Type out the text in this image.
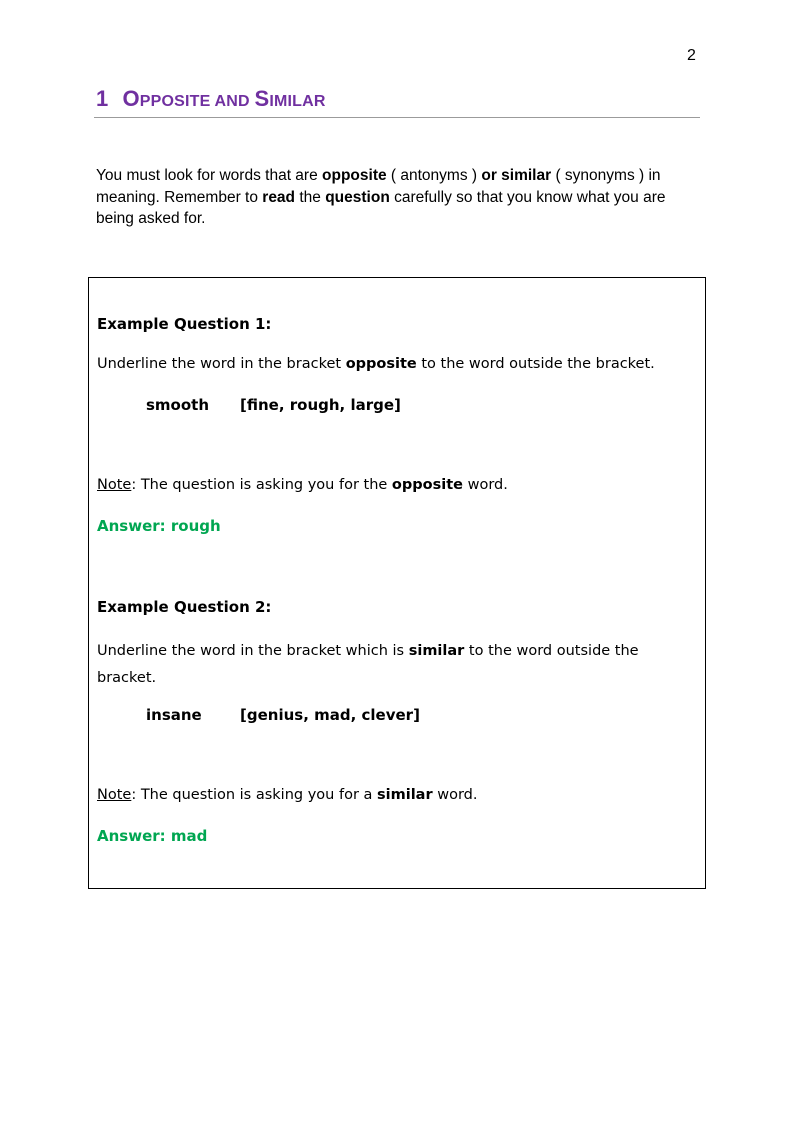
2
1 OPPOSITE AND SIMILAR
You must look for words that are opposite ( antonyms ) or similar ( synonyms ) in meaning. Remember to read the question carefully so that you know what you are being asked for.
Example Question 1:
Underline the word in the bracket opposite to the word outside the bracket.
smooth [fine, rough, large]
Note: The question is asking you for the opposite word.
Answer: rough
Example Question 2:
Underline the word in the bracket which is similar to the word outside the bracket.
insane	[genius, mad, clever]
Note: The question is asking you for a similar word.
Answer: mad
